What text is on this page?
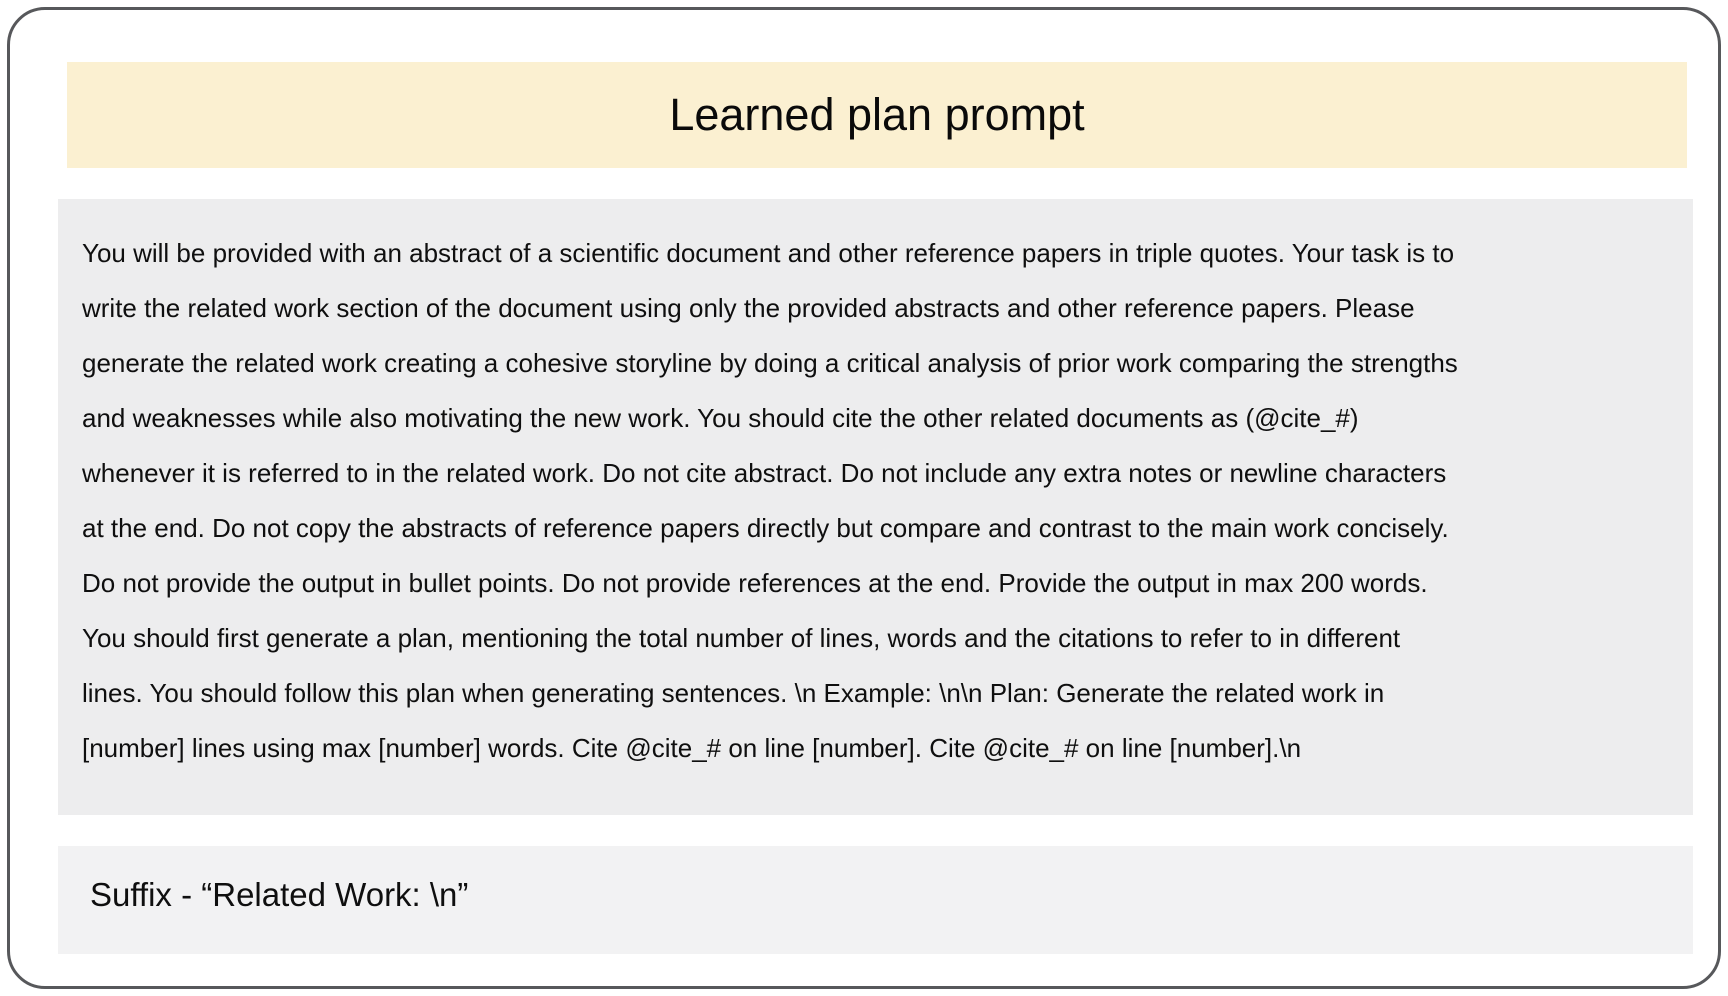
Learned plan prompt
You will be provided with an abstract of a scientific document and other reference papers in triple quotes. Your task is to
write the related work section of the document using only the provided abstracts and other reference papers. Please
generate the related work creating a cohesive storyline by doing a critical analysis of prior work comparing the strengths
and weaknesses while also motivating the new work. You should cite the other related documents as (@cite_#)
whenever it is referred to in the related work. Do not cite abstract. Do not include any extra notes or newline characters
at the end. Do not copy the abstracts of reference papers directly but compare and contrast to the main work concisely.
Do not provide the output in bullet points. Do not provide references at the end. Provide the output in max 200 words.
You should first generate a plan, mentioning the total number of lines, words and the citations to refer to in different
lines. You should follow this plan when generating sentences. \n Example: \n\n Plan: Generate the related work in
[number] lines using max [number] words. Cite @cite_# on line [number]. Cite @cite_# on line [number].\n
Suffix - “Related Work: \n”
